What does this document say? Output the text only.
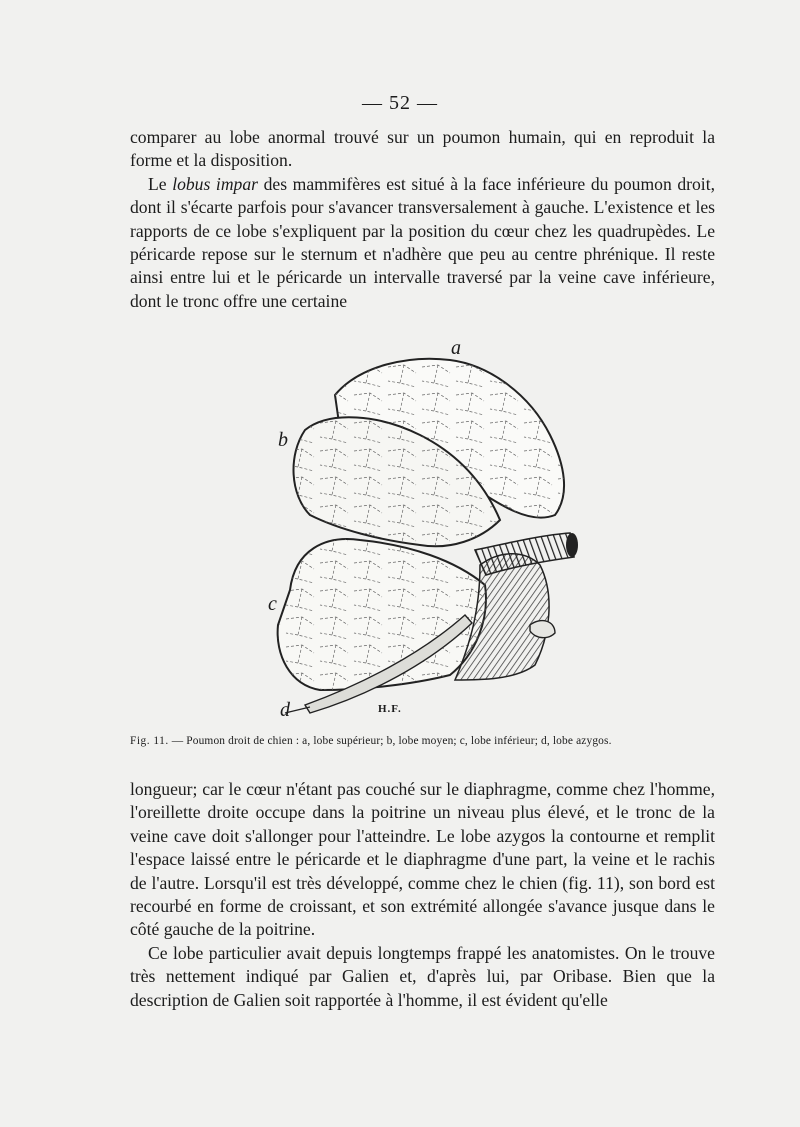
— 52 —

comparer au lobe anormal trouvé sur un poumon humain, qui en reproduit la forme et la disposition.

Le lobus impar des mammifères est situé à la face inférieure du poumon droit, dont il s'écarte parfois pour s'avancer transversalement à gauche. L'existence et les rapports de ce lobe s'expliquent par la position du cœur chez les quadrupèdes. Le péricarde repose sur le sternum et n'adhère que peu au centre phrénique. Il reste ainsi entre lui et le péricarde un intervalle traversé par la veine cave inférieure, dont le tronc offre une certaine

a
b
c
d	H.F.
Fig. 11. — Poumon droit de chien : a, lobe supérieur; b, lobe moyen; c, lobe inférieur; d, lobe azygos.

longueur; car le cœur n'étant pas couché sur le diaphragme, comme chez l'homme, l'oreillette droite occupe dans la poitrine un niveau plus élevé, et le tronc de la veine cave doit s'allonger pour l'atteindre. Le lobe azygos la contourne et remplit l'espace laissé entre le péricarde et le diaphragme d'une part, la veine et le rachis de l'autre. Lorsqu'il est très développé, comme chez le chien (fig. 11), son bord est recourbé en forme de croissant, et son extrémité allongée s'avance jusque dans le côté gauche de la poitrine.

Ce lobe particulier avait depuis longtemps frappé les anatomistes. On le trouve très nettement indiqué par Galien et, d'après lui, par Oribase. Bien que la description de Galien soit rapportée à l'homme, il est évident qu'elle
